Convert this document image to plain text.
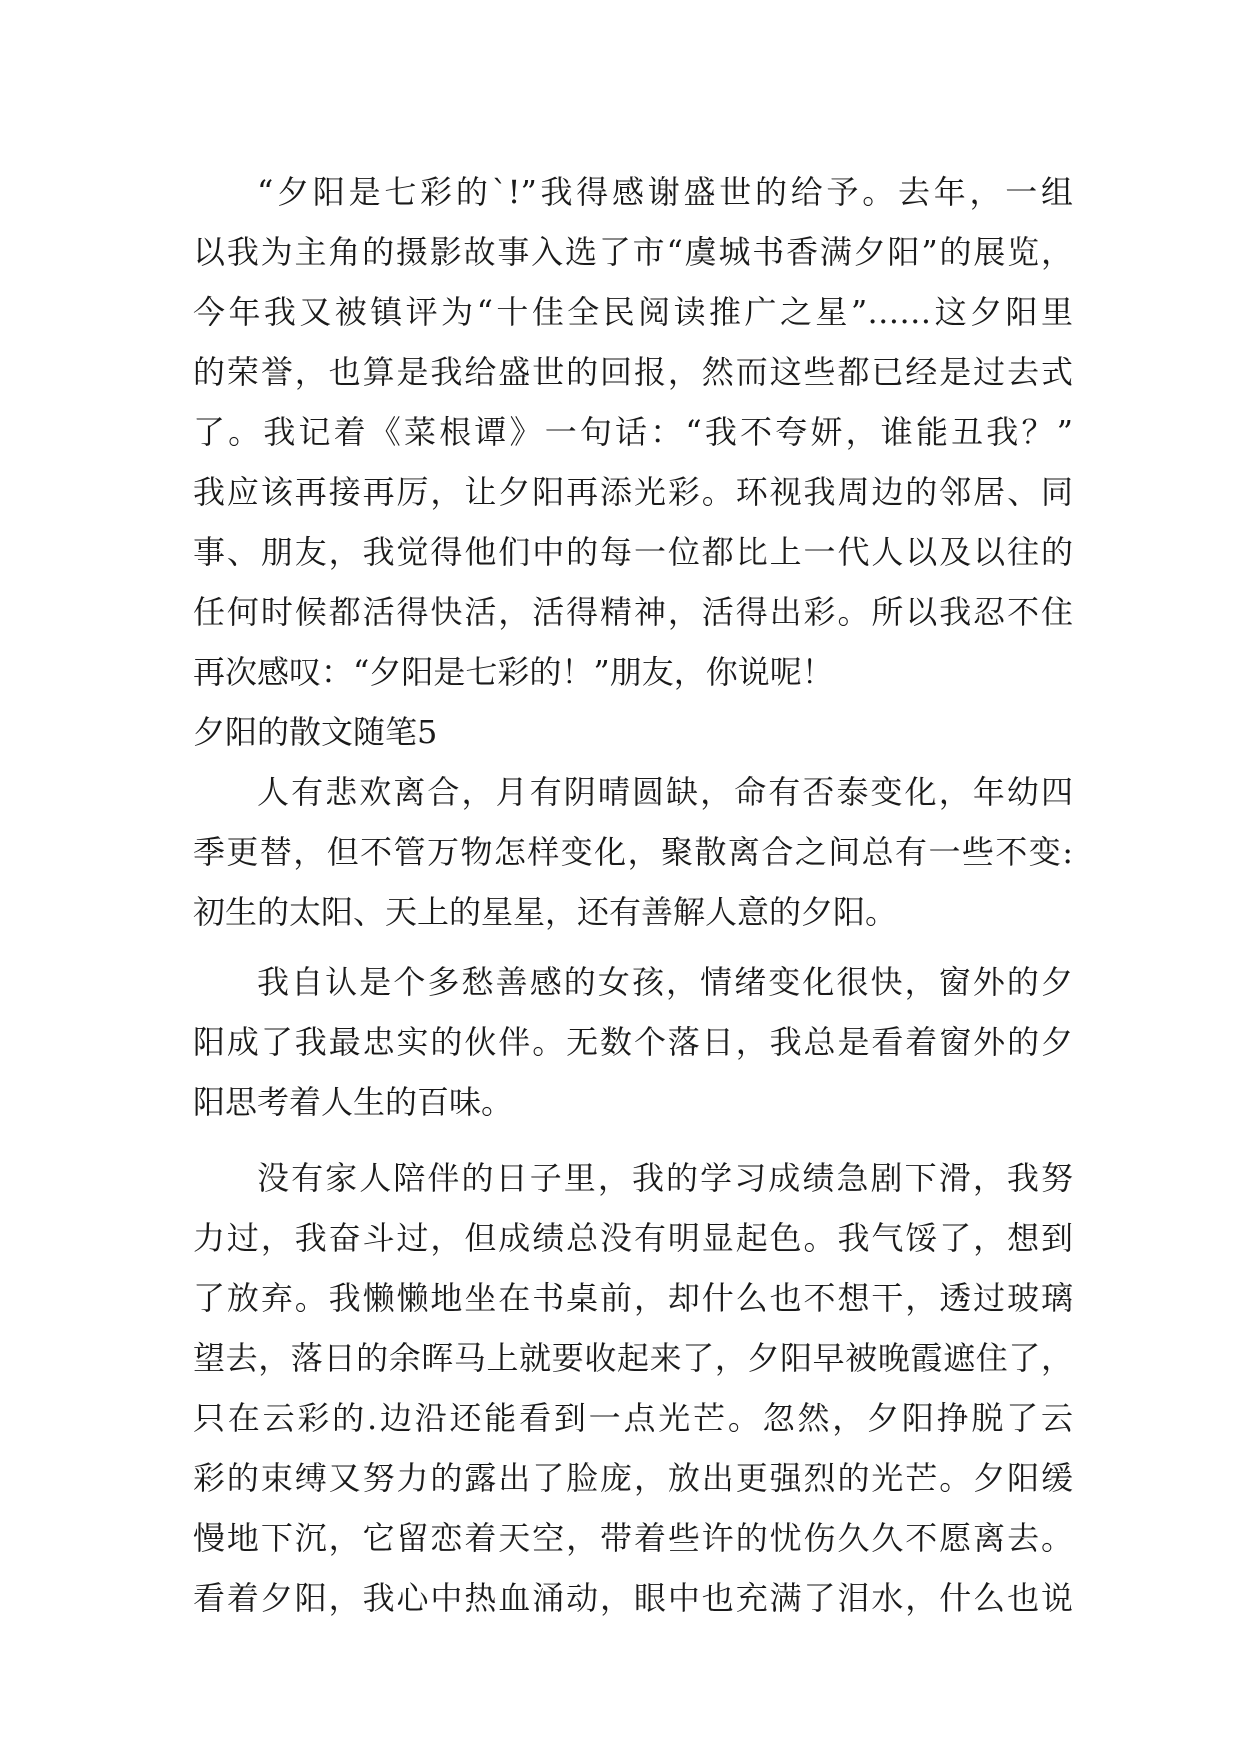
“夕阳是七彩的`!”我得感谢盛世的给予。去年，一组
以我为主角的摄影故事入选了市“虞城书香满夕阳”的展览，
今年我又被镇评为“十佳全民阅读推广之星”……这夕阳里
的荣誉，也算是我给盛世的回报，然而这些都已经是过去式
了。我记着《菜根谭》一句话：“我不夸妍，谁能丑我？”
我应该再接再厉，让夕阳再添光彩。环视我周边的邻居、同
事、朋友，我觉得他们中的每一位都比上一代人以及以往的
任何时候都活得快活，活得精神，活得出彩。所以我忍不住
再次感叹：“夕阳是七彩的！”朋友，你说呢！
夕阳的散文随笔5
人有悲欢离合，月有阴晴圆缺，命有否泰变化，年幼四
季更替，但不管万物怎样变化，聚散离合之间总有一些不变:
初生的太阳、天上的星星，还有善解人意的夕阳。
我自认是个多愁善感的女孩，情绪变化很快，窗外的夕
阳成了我最忠实的伙伴。无数个落日，我总是看着窗外的夕
阳思考着人生的百味。
没有家人陪伴的日子里，我的学习成绩急剧下滑，我努
力过，我奋斗过，但成绩总没有明显起色。我气馁了，想到
了放弃。我懒懒地坐在书桌前，却什么也不想干，透过玻璃
望去，落日的余晖马上就要收起来了，夕阳早被晚霞遮住了，
只在云彩的.边沿还能看到一点光芒。忽然，夕阳挣脱了云
彩的束缚又努力的露出了脸庞，放出更强烈的光芒。夕阳缓
慢地下沉，它留恋着天空，带着些许的忧伤久久不愿离去。
看着夕阳，我心中热血涌动，眼中也充满了泪水，什么也说
